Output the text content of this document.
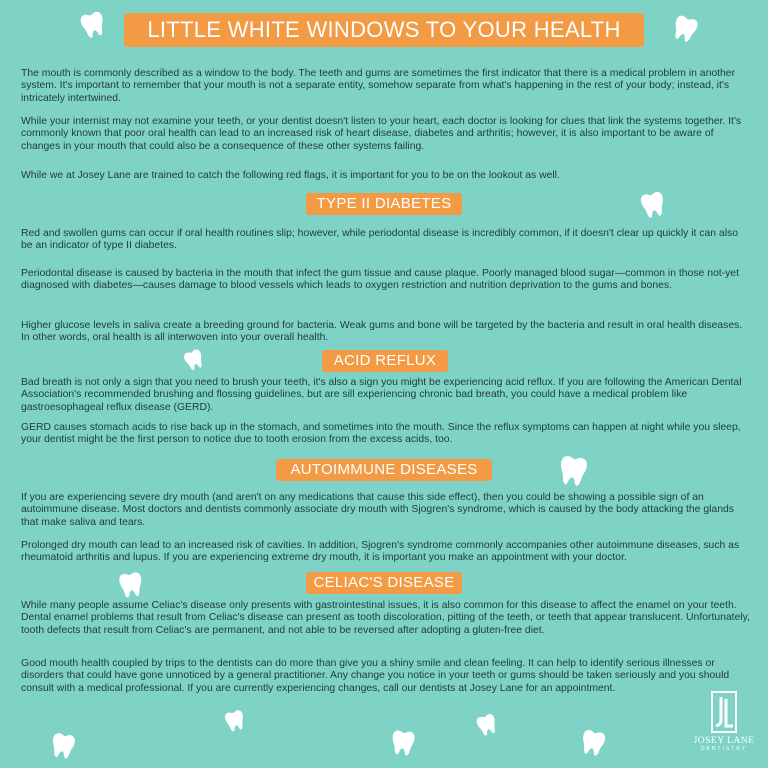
LITTLE WHITE WINDOWS TO YOUR HEALTH

The mouth is commonly described as a window to the body. The teeth and gums are sometimes the first indicator that there is a medical problem in another system. It's important to remember that your mouth is not a separate entity, somehow separate from what's happening in the rest of your body; instead, it's intricately intertwined.

While your internist may not examine your teeth, or your dentist doesn't listen to your heart, each doctor is looking for clues that link the systems together. It's commonly known that poor oral health can lead to an increased risk of heart disease, diabetes and arthritis; however, it is also important to be aware of changes in your mouth that could also be a consequence of these other systems failing.

While we at Josey Lane are trained to catch the following red flags, it is important for you to be on the lookout as well.

TYPE II DIABETES

Red and swollen gums can occur if oral health routines slip; however, while periodontal disease is incredibly common, if it doesn't clear up quickly it can also be an indicator of type II diabetes.

Periodontal disease is caused by bacteria in the mouth that infect the gum tissue and cause plaque. Poorly managed blood sugar—common in those not-yet diagnosed with diabetes—causes damage to blood vessels which leads to oxygen restriction and nutrition deprivation to the gums and bones.

Higher glucose levels in saliva create a breeding ground for bacteria. Weak gums and bone will be targeted by the bacteria and result in oral health diseases. In other words, oral health is all interwoven into your overall health.

ACID REFLUX

Bad breath is not only a sign that you need to brush your teeth, it's also a sign you might be experiencing acid reflux. If you are following the American Dental Association's recommended brushing and flossing guidelines, but are sill experiencing chronic bad breath, you could have a medical problem like gastroesophageal reflux disease (GERD).

GERD causes stomach acids to rise back up in the stomach, and sometimes into the mouth. Since the reflux symptoms can happen at night while you sleep, your dentist might be the first person to notice due to tooth erosion from the excess acids, too.

AUTOIMMUNE DISEASES

If you are experiencing severe dry mouth (and aren't on any medications that cause this side effect), then you could be showing a possible sign of an autoimmune disease. Most doctors and dentists commonly associate dry mouth with Sjogren's syndrome, which is caused by the body attacking the glands that make saliva and tears.

Prolonged dry mouth can lead to an increased risk of cavities. In addition, Sjogren's syndrome commonly accompanies other autoimmune diseases, such as rheumatoid arthritis and lupus. If you are experiencing extreme dry mouth, it is important you make an appointment with your doctor.

CELIAC'S DISEASE

While many people assume Celiac's disease only presents with gastrointestinal issues, it is also common for this disease to affect the enamel on your teeth. Dental enamel problems that result from Celiac's disease can present as tooth discoloration, pitting of the teeth, or teeth that appear translucent. Unfortunately, tooth defects that result from Celiac's are permanent, and not able to be reversed after adopting a gluten-free diet.

Good mouth health coupled by trips to the dentists can do more than give you a shiny smile and clean feeling. It can help to identify serious illnesses or disorders that could have gone unnoticed by a general practitioner. Any change you notice in your teeth or gums should be taken seriously and you should consult with a medical professional. If you are currently experiencing changes, call our dentists at Josey Lane for an appointment.

JOSEY LANE
DENTISTRY
